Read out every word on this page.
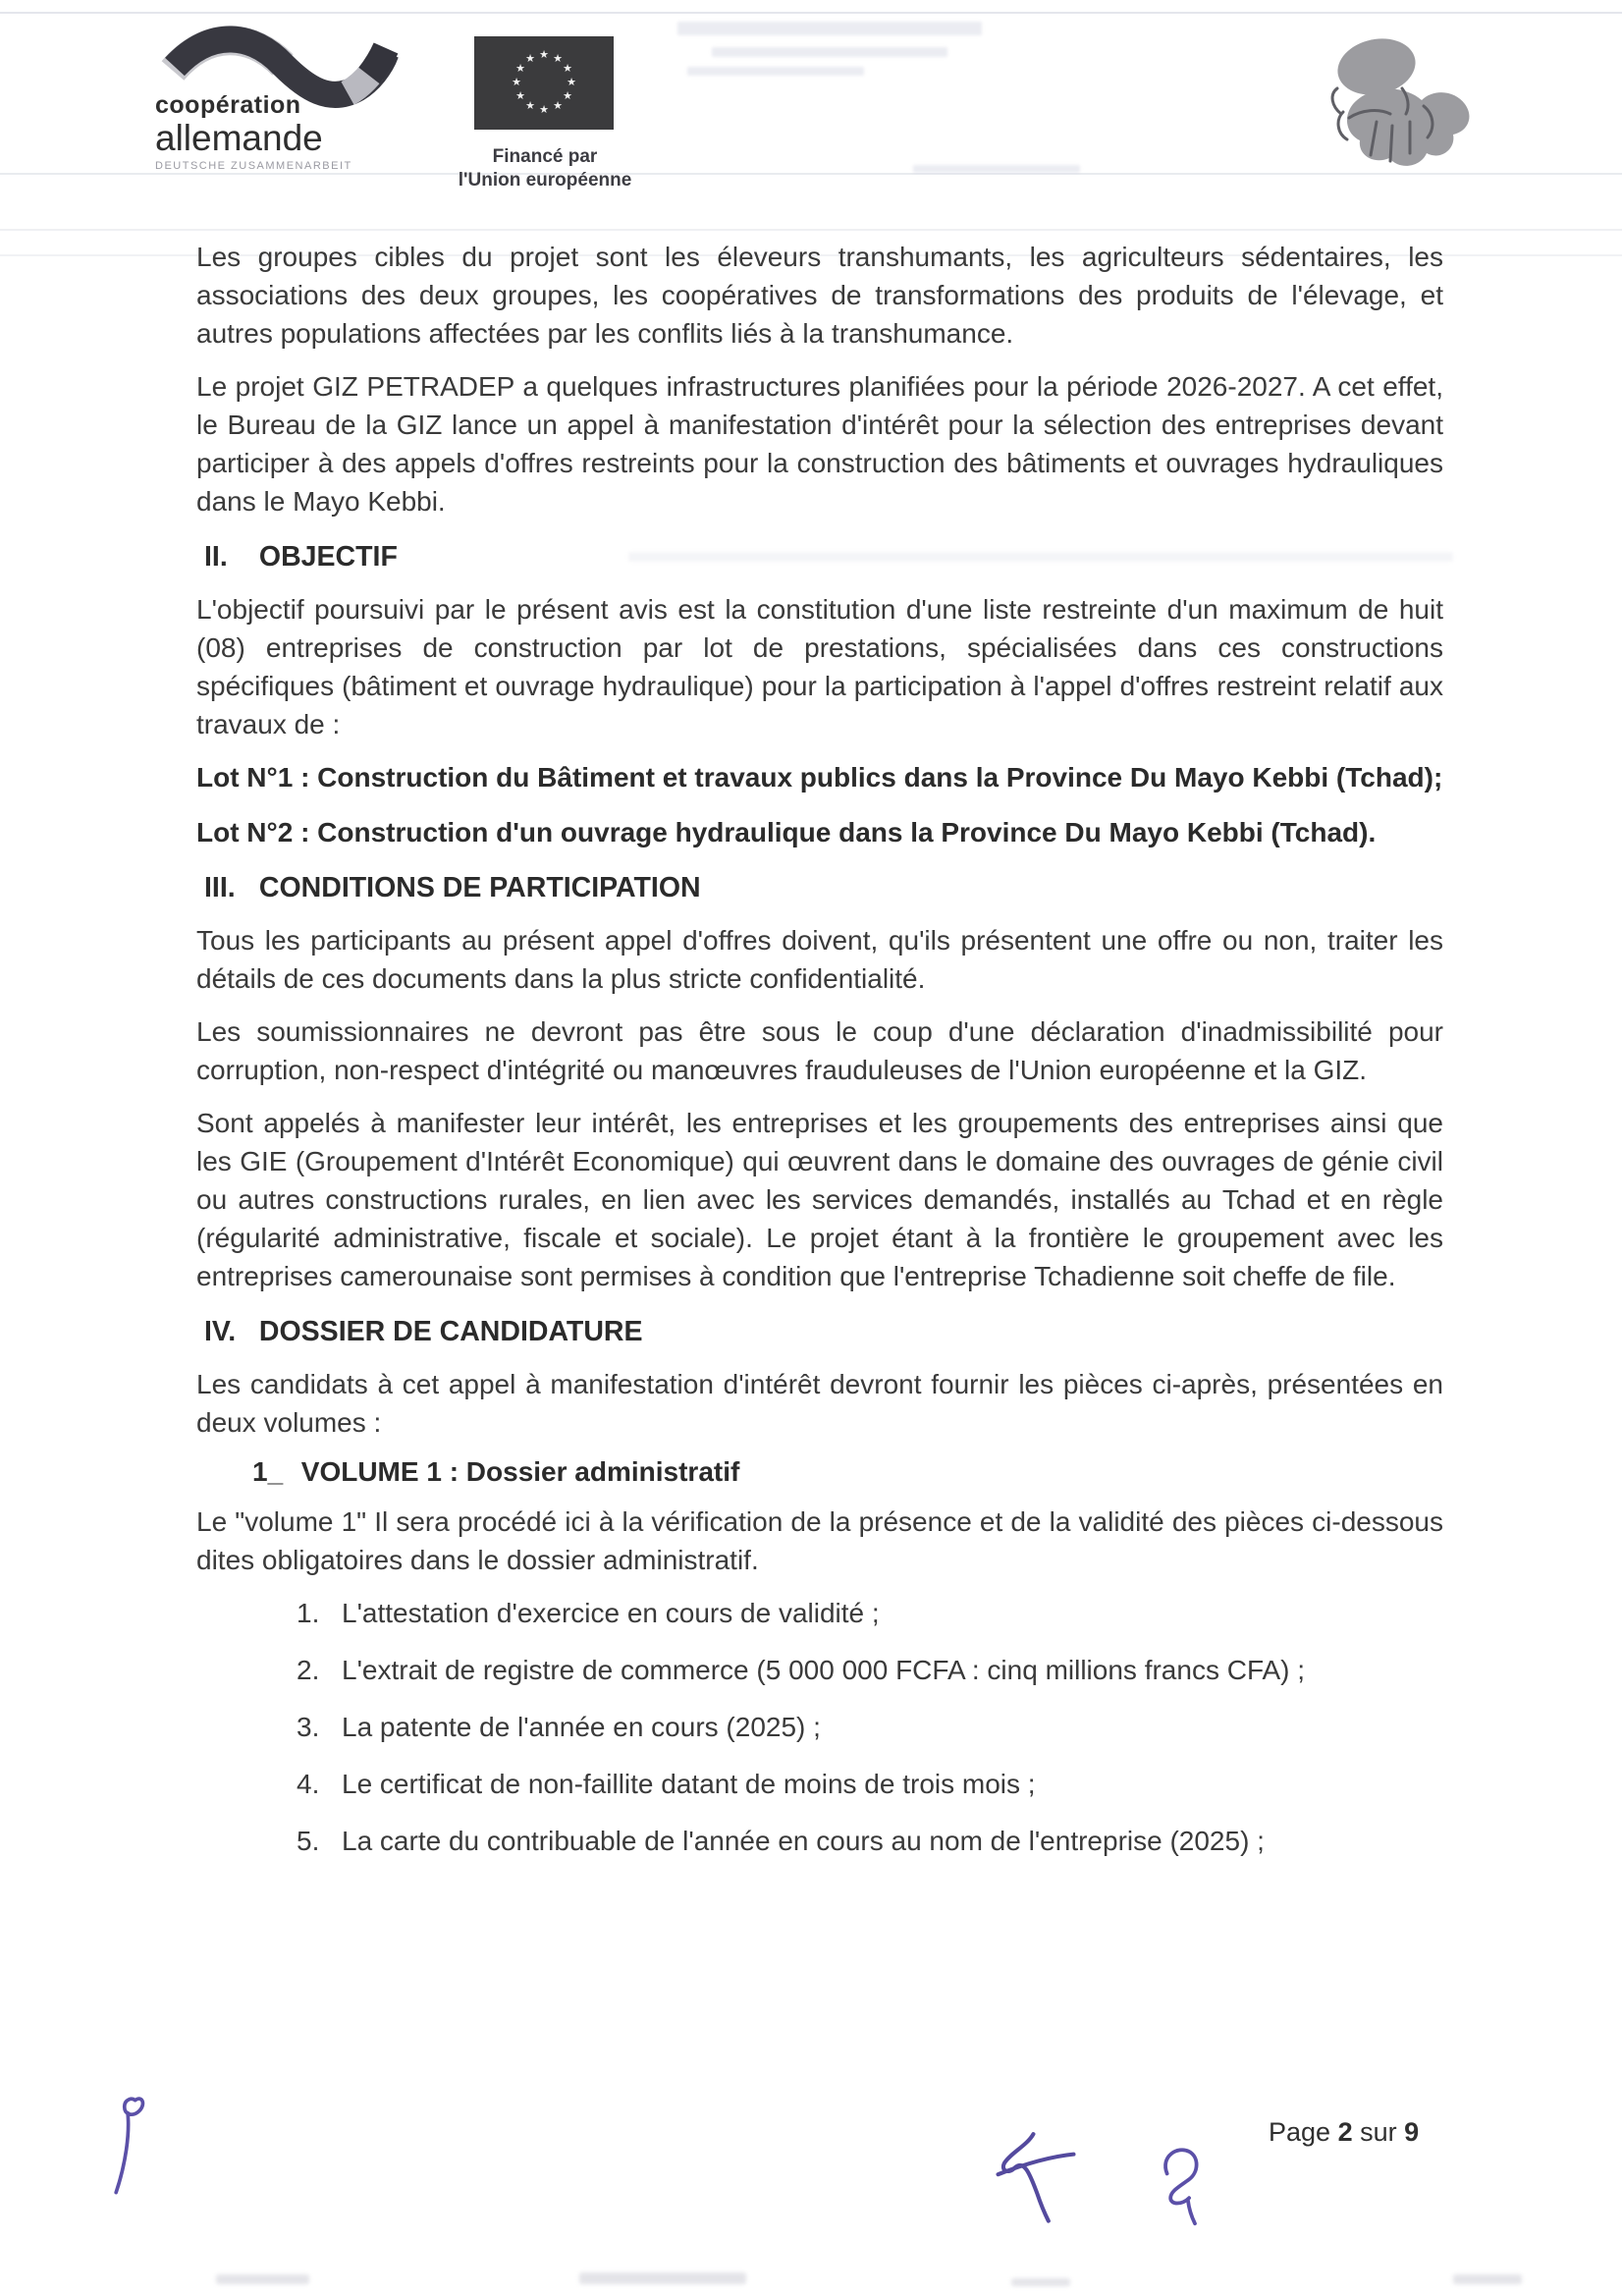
coopération
allemande
DEUTSCHE ZUSAMMENARBEIT
★ ★
★
★
★
★
★
★
★
★
★
★
Financé par
l'Union européenne

Les groupes cibles du projet sont les éleveurs transhumants, les agriculteurs sédentaires, les associations des deux groupes, les coopératives de transformations des produits de l'élevage, et autres populations affectées par les conflits liés à la transhumance.

Le projet GIZ PETRADEP a quelques infrastructures planifiées pour la période 2026-2027. A cet effet, le Bureau de la GIZ lance un appel à manifestation d'intérêt pour la sélection des entreprises devant participer à des appels d'offres restreints pour la construction des bâtiments et ouvrages hydrauliques dans le Mayo Kebbi.

II. OBJECTIF

L'objectif poursuivi par le présent avis est la constitution d'une liste restreinte d'un maximum de huit (08) entreprises de construction par lot de prestations, spécialisées dans ces constructions spécifiques (bâtiment et ouvrage hydraulique) pour la participation à l'appel d'offres restreint relatif aux travaux de :

Lot N°1 : Construction du Bâtiment et travaux publics dans la Province Du Mayo Kebbi (Tchad);

Lot N°2 : Construction d'un ouvrage hydraulique dans la Province Du Mayo Kebbi (Tchad).

III. CONDITIONS DE PARTICIPATION

Tous les participants au présent appel d'offres doivent, qu'ils présentent une offre ou non, traiter les détails de ces documents dans la plus stricte confidentialité.

Les soumissionnaires ne devront pas être sous le coup d'une déclaration d'inadmissibilité pour corruption, non-respect d'intégrité ou manœuvres frauduleuses de l'Union européenne et la GIZ.

Sont appelés à manifester leur intérêt, les entreprises et les groupements des entreprises ainsi que les GIE (Groupement d'Intérêt Economique) qui œuvrent dans le domaine des ouvrages de génie civil ou autres constructions rurales, en lien avec les services demandés, installés au Tchad et en règle (régularité administrative, fiscale et sociale). Le projet étant à la frontière le groupement avec les entreprises camerounaise sont permises à condition que l'entreprise Tchadienne soit cheffe de file.

IV. DOSSIER DE CANDIDATURE

Les candidats à cet appel à manifestation d'intérêt devront fournir les pièces ci-après, présentées en deux volumes :

1_ VOLUME 1 : Dossier administratif

Le "volume 1" Il sera procédé ici à la vérification de la présence et de la validité des pièces ci-dessous dites obligatoires dans le dossier administratif.

1. L'attestation d'exercice en cours de validité ;
2. L'extrait de registre de commerce (5 000 000 FCFA : cinq millions francs CFA) ;
3. La patente de l'année en cours (2025) ;
4. Le certificat de non-faillite datant de moins de trois mois ;
5. La carte du contribuable de l'année en cours au nom de l'entreprise (2025) ;
Page 2 sur 9
